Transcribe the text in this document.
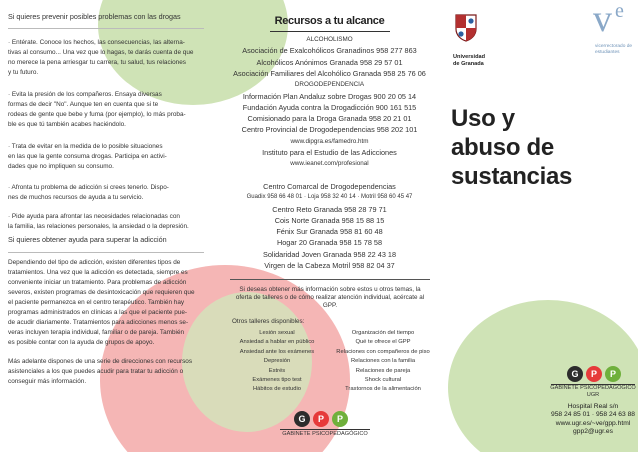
Si quieres prevenir posibles problemas con las drogas
· Entérate. Conoce los hechos, las consecuencias, las alterna-
tivas al consumo... Una vez que lo hagas, te darás cuenta de que
no merece la pena arriesgar tu carrera, tu salud, tus relaciones
y tu futuro.
· Evita la presión de los compañeros. Ensaya diversas
formas de decir "No". Aunque ten en cuenta que si te
rodeas de gente que bebe y fuma (por ejemplo), lo más proba-
ble es que tú también acabes haciéndolo.
· Trata de evitar en la medida de lo posible situaciones
en las que la gente consuma drogas. Participa en activi-
dades que no impliquen su consumo.
· Afronta tu problema de adicción si crees tenerlo. Dispo-
nes de muchos recursos de ayuda a tu servicio.
· Pide ayuda para afrontar las necesidades relacionadas con
la familia, las relaciones personales, la ansiedad o la depresión.
Si quieres obtener ayuda para superar la adicción
Dependiendo del tipo de adicción, existen diferentes tipos de
tratamientos. Una vez que la adicción es detectada, siempre es
conveniente iniciar un tratamiento. Para problemas de adicción
severos, existen programas de desintoxicación que requieren que
el paciente permanezca en el centro terapéutico. También hay
programas administrados en clínicas a las que el paciente pue-
de acudir diariamente. Tratamientos para adicciones menos se-
veras incluyen terapia individual, familiar o de pareja. También
es posible contar con la ayuda de grupos de apoyo.
Más adelante dispones de una serie de direcciones con recursos
asistenciales a los que puedes acudir para tratar tu adicción o
conseguir más información.
Recursos a tu alcance
ALCOHOLISMO
Asociación de Exalcohólicos Granadinos 958 277 863
Alcohólicos Anónimos Granada 958 29 57 01
Asociación Familiares del Alcohólico Granada 958 25 76 06
DROGODEPENDENCIA
Información Plan Andaluz sobre Drogas 900 20 05 14
Fundación Ayuda contra la Drogadicción 900 161 515
Comisionado para la Droga Granada 958 20 21 01
Centro Provincial de Drogodependencias 958 202 101
www.dipgra.es/famedro.htm
Instituto para el Estudio de las Adicciones
www.ieanet.com/profesional
Centro Comarcal de Drogodependencias
Guadix 958 66 48 01 · Loja 958 32 40 14 · Motril 958 60 45 47
Centro Reto Granada 958 28 79 71
Cois Norte Granada 958 15 88 15
Fénix Sur Granada 958 81 60 48
Hogar 20 Granada 958 15 78 58
Solidaridad Joven Granada 958 22 43 18
Virgen de la Cabeza Motril 958 82 04 37
Si deseas obtener más información sobre estos u otros temas, la oferta de talleres o de cómo realizar atención individual, acércate al GPP.
Otros talleres disponibles:
Lesión sexual
Ansiedad a hablar en público
Ansiedad ante los exámenes
Depresión
Estrés
Exámenes tipo test
Hábitos de estudio
Organización del tiempo
Qué te ofrece el GPP
Relaciones con compañeros de piso
Relaciones con la familia
Relaciones de pareja
Shock cultural
Trastornos de la alimentación
G	P	P
GABINETE PSICOPEDAGÓGICO
Universidad
de Granada
v e
vicerrectorado de
estudiantes
Uso y
abuso de
sustancias
G	P	P
GABINETE PSICOPEDAGÓGICO
UGR
Hospital Real s/n
958 24 85 01 · 958 24 63 88
www.ugr.es/~ve/gpp.html
gpp2@ugr.es
